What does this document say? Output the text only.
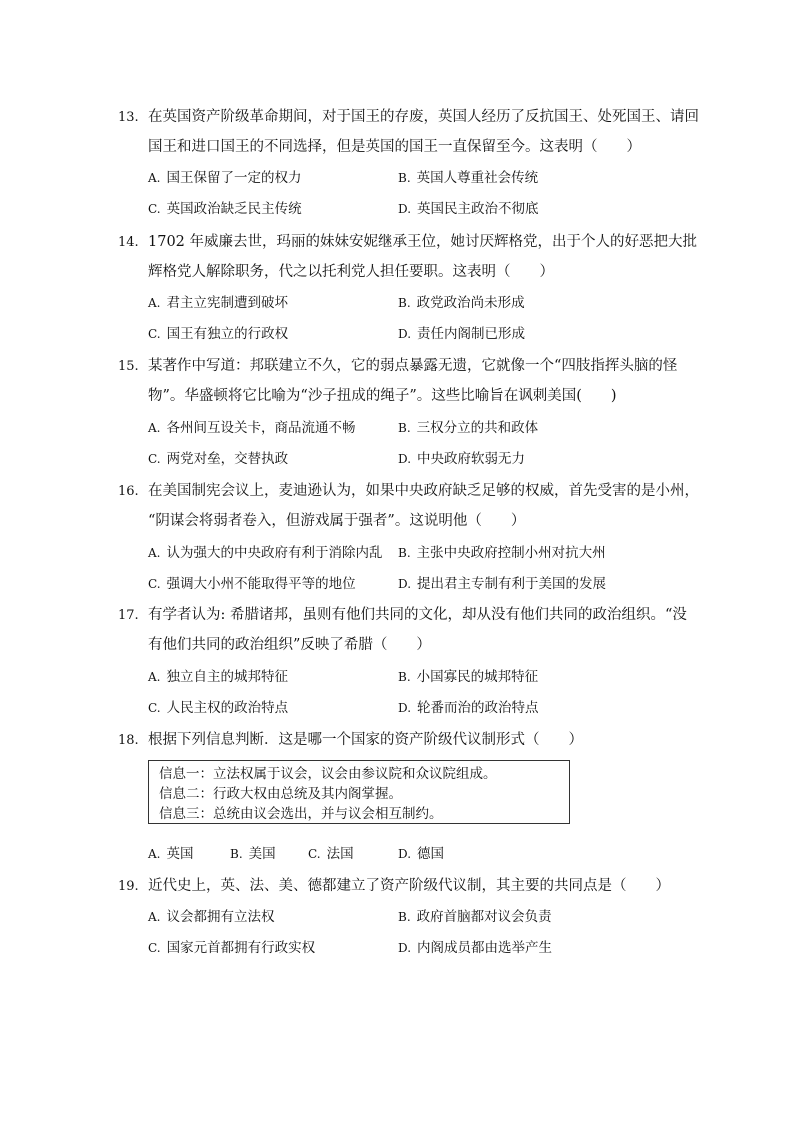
13. 在英国资产阶级革命期间，对于国王的存废，英国人经历了反抗国王、处死国王、请回
国王和进口国王的不同选择，但是英国的国王一直保留至今。这表明（　　）
A. 国王保留了一定的权力	B. 英国人尊重社会传统
C. 英国政治缺乏民主传统	D. 英国民主政治不彻底
14. 1702 年威廉去世，玛丽的妹妹安妮继承王位，她讨厌辉格党，出于个人的好恶把大批
辉格党人解除职务，代之以托利党人担任要职。这表明（　　）
A. 君主立宪制遭到破坏	B. 政党政治尚未形成
C. 国王有独立的行政权	D. 责任内阁制已形成
15. 某著作中写道：邦联建立不久，它的弱点暴露无遗，它就像一个“四肢指挥头脑的怪
物”。华盛顿将它比喻为“沙子扭成的绳子”。这些比喻旨在讽刺美国(　　)
A. 各州间互设关卡，商品流通不畅	B. 三权分立的共和政体
C. 两党对垒，交替执政	D. 中央政府软弱无力
16. 在美国制宪会议上，麦迪逊认为，如果中央政府缺乏足够的权威，首先受害的是小州，
“阴谋会将弱者卷入，但游戏属于强者”。这说明他（　　）
A. 认为强大的中央政府有利于消除内乱 B. 主张中央政府控制小州对抗大州
C. 强调大小州不能取得平等的地位	D. 提出君主专制有利于美国的发展
17. 有学者认为: 希腊诸邦，虽则有他们共同的文化，却从没有他们共同的政治组织。“没
有他们共同的政治组织”反映了希腊（　　）
A. 独立自主的城邦特征	B. 小国寡民的城邦特征
C. 人民主权的政治特点	D. 轮番而治的政治特点
18. 根据下列信息判断．这是哪一个国家的资产阶级代议制形式（　　）
信息一：立法权属于议会，议会由参议院和众议院组成。
信息二：行政大权由总统及其内阁掌握。
信息三：总统由议会选出，并与议会相互制约。
A. 英国	B. 美国	C. 法国	D. 德国
19. 近代史上，英、法、美、德都建立了资产阶级代议制，其主要的共同点是（　　）
A. 议会都拥有立法权	B. 政府首脑都对议会负责
C. 国家元首都拥有行政实权	D. 内阁成员都由选举产生
